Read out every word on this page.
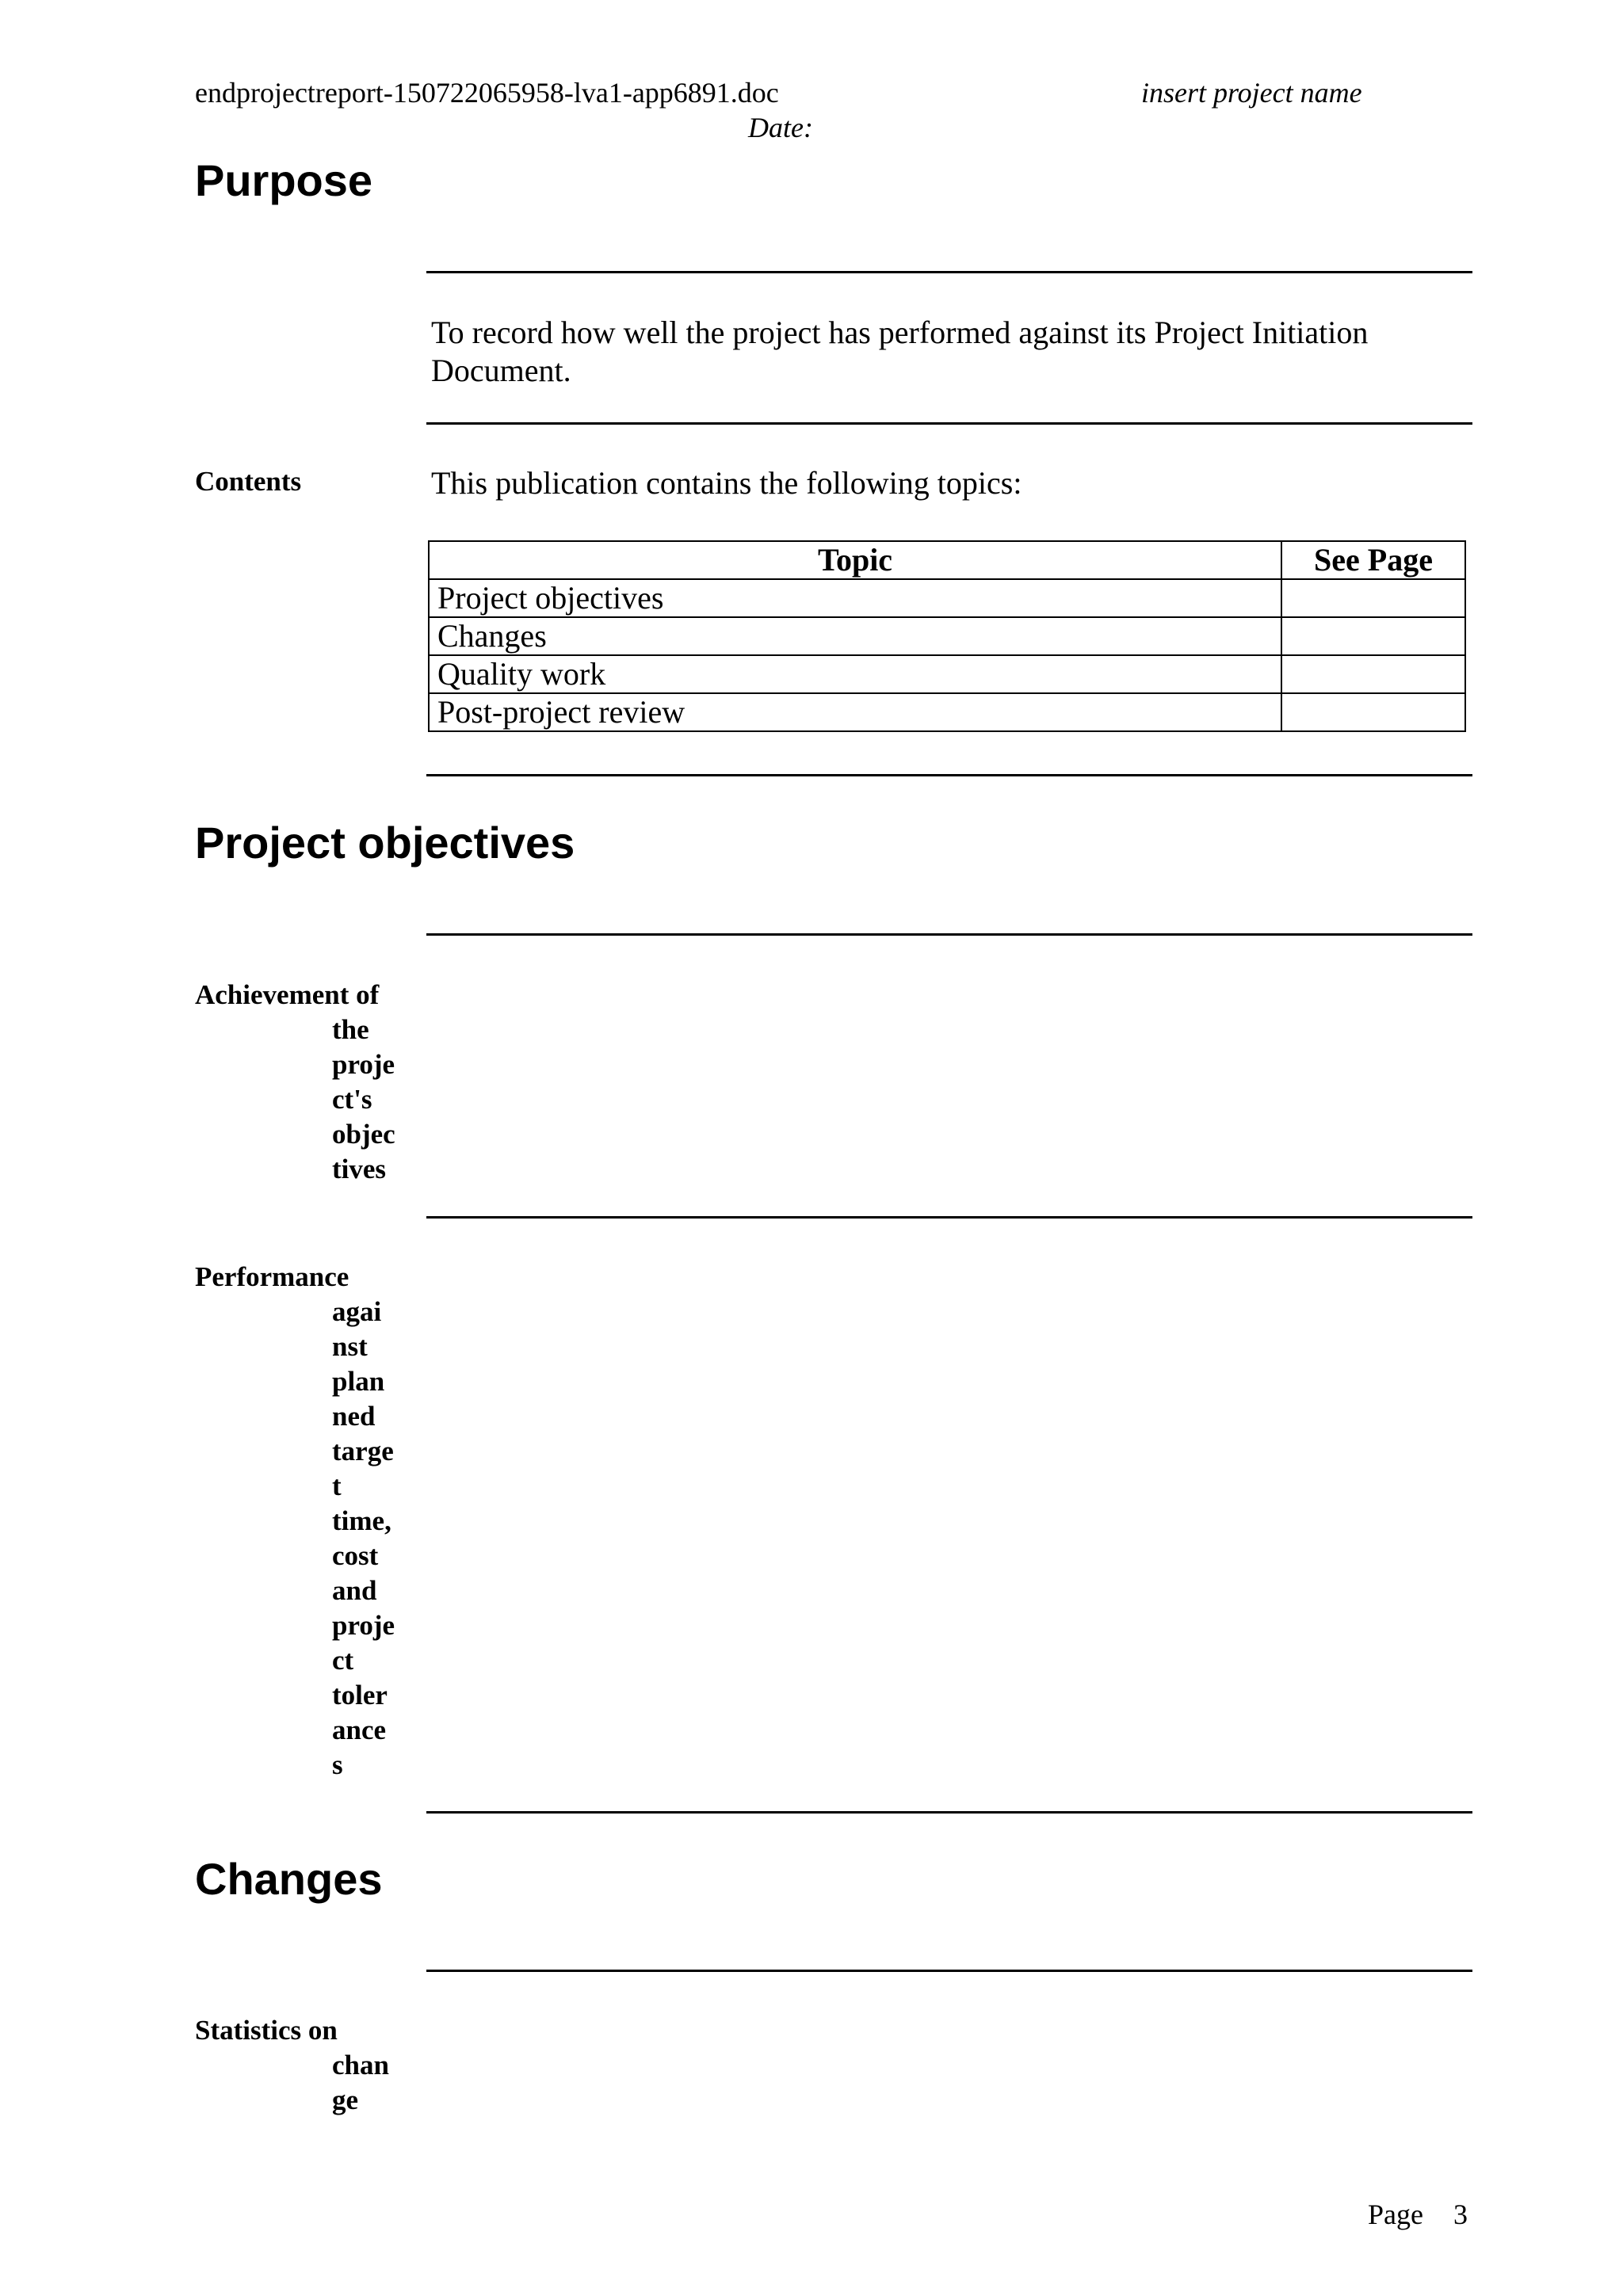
endprojectreport-150722065958-lva1-app6891.doc	insert project name
Date:
Purpose
To record how well the project has performed against its Project Initiation Document.
Contents	This publication contains the following topics:
Topic	See Page
Project objectives	
Changes	
Quality work	
Post-project review	
Project objectives
Achievement of
the
proje
ct's
objec
tives
Performance
agai
nst
plan
ned
targe
t
time,
cost
and
proje
ct
toler
ance
s
Changes
Statistics on
chan
ge
Page 3
